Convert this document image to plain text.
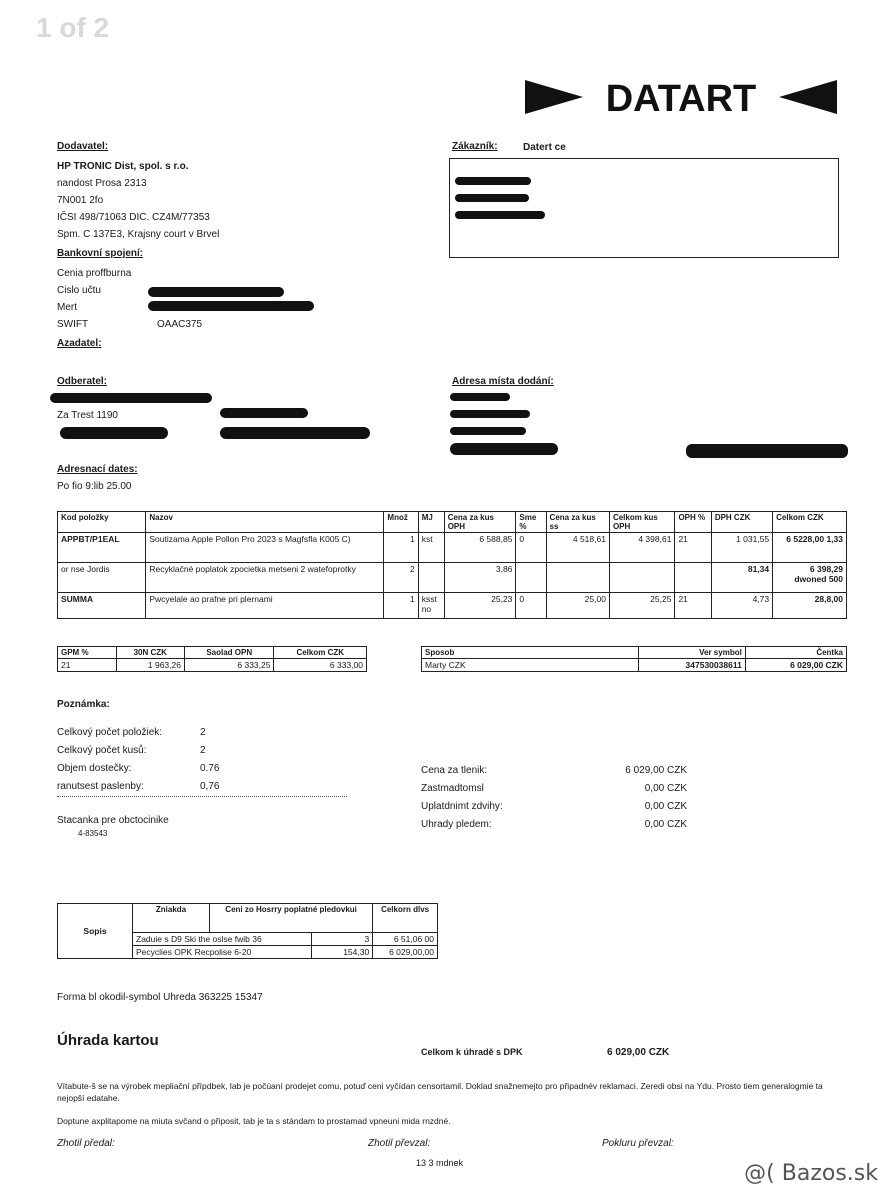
1 of 2
DATART
Dodavatel:
HP TRONIC Dist, spol. s r.o.
nandost Prosa 2313
7N001 2fo
IČSI 498/71063 DIC. CZ4M/77353
Spm. C 137E3, Krajsny court v Brvel
Bankovní spojení:
Cenia proffburna
Cislo učtu
Mert
SWIFT	OAAC375
Azadatel:
Zákazník:	Datert ce
Odberatel:
Za Trest 1190
Adresa místa dodání:
Adresnací dates:
Po fio 9:lib 25.00
Kod položky	Nazov	Množ	MJ	Cena za kus OPH	Sme %	Cena za kus ss	Celkom kus OPH	OPH %	DPH CZK	Celkom CZK
APPBT/P1EAL	Soutizama Apple Pollon Pro 2023 s Magfsfla K005 C)	1	kst	6 588,85	0	4 518,61	4 398,61	21	1 031,55	6 5228,00 1,33
or nse Jordis	Recyklačné poplatok zpocietka metseni 2 watefoprotky	2		3,86					81,34	6 398,29 dwoned 500
SUMMA	Pwcyelale ao prafne pri plernami	1	ksst no	25,23	0	25,00	25,25	21	4,73	28,8,00
GPM %	30N CZK	Saolad OPN	Celkom CZK
21	1 963,26	6 333,25	6 333,00
Sposob	Ver symbol	Čentka
Marty CZK	347530038611	6 029,00 CZK
Poznámka:
Celkový počet položiek:	2
Celkový počet kusů:	2
Objem dostečky:	0.76
ranutsest paslenby:	0,76
Stacanka pre obctocinike
4-83543
Cena za tlenik:	6 029,00 CZK
Zastmadtomsl	0,00 CZK
Uplatdnimt zdvihy:	0,00 CZK
Uhrady pledem:	0,00 CZK
Sopis	Zniakda	Ceni zo Hosrry poplatné pledovkui		Celkorn dlvs
	Zaduie s D9 Ski the oslse fwib 36		3	6 51,06 00
	Pecyclies OPK Recpolise 6-20		154,30	6 029,00,00
Forma bl okodil-symbol Uhreda 363225 15347
Úhrada kartou
Celkom k úhradě s DPK	6 029,00 CZK
Vítabute-š se na výrobek mepliační přípdbek, lab je počúaní prodejet comu, potuď ceni vyčídan censortamil. Doklad snažnemejto pro připadnév reklamaci. Zeredi obsi na Ydu. Prosto tiem generalogmie ta nejopší edatahe.
Doptune axplitapome na miuta svčand o připosit, tab je ta s stándam to prostamad vpneuni mida rnzdné.
Zhotil předal:	Zhotil převzal:	Pokluru převzal:
13 3 mdnek	@( Bazos.sk
